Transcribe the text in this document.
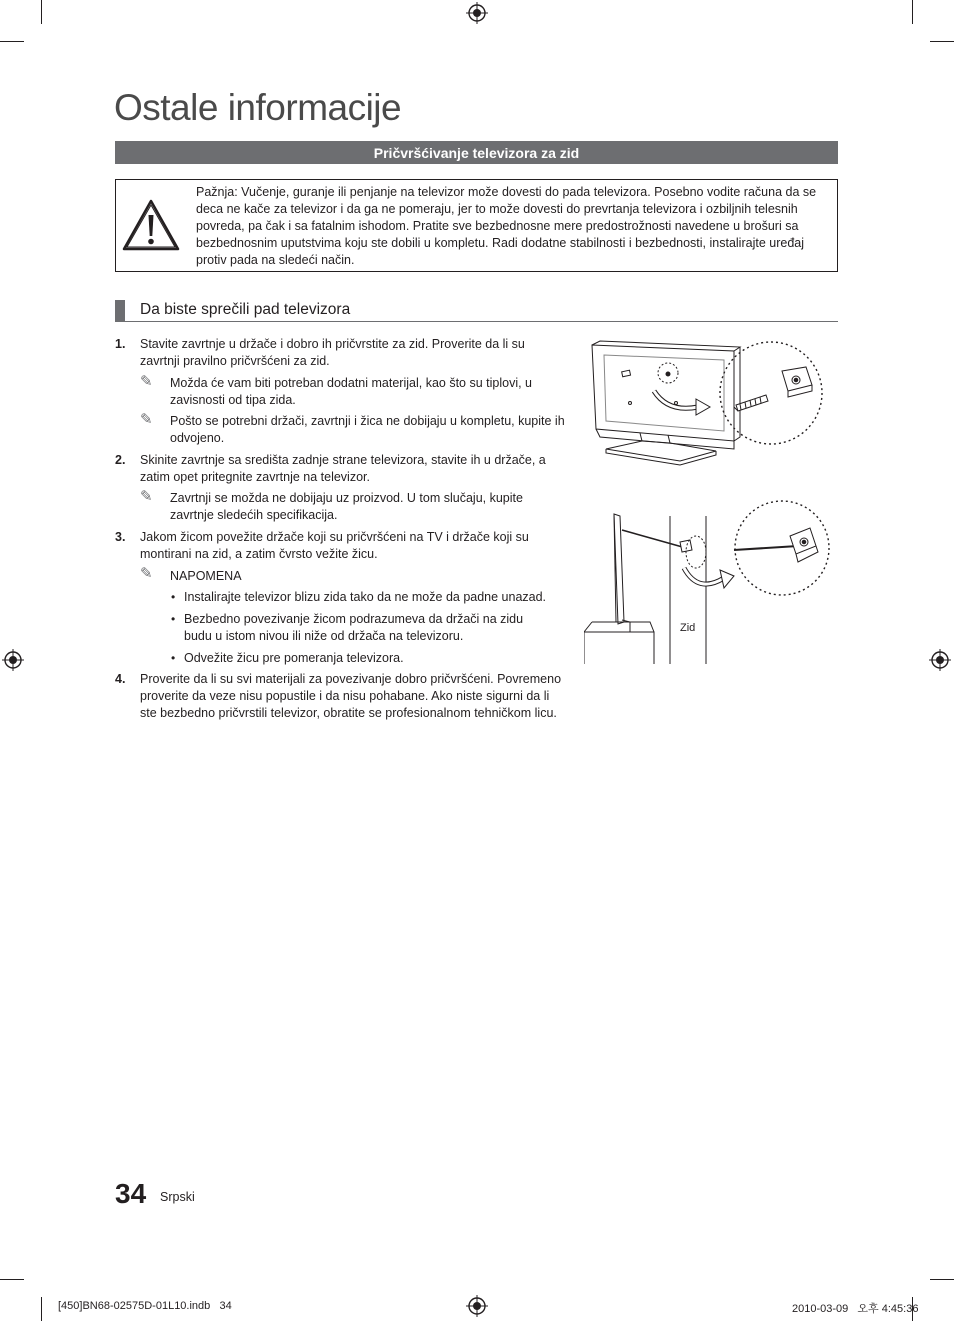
Ostale informacije
Pričvršćivanje televizora za zid

Pažnja: Vučenje, guranje ili penjanje na televizor može dovesti do pada televizora. Posebno vodite računa da se deca ne kače za televizor i da ga ne pomeraju, jer to može dovesti do prevrtanja televizora i ozbiljnih telesnih povreda, pa čak i sa fatalnim ishodom. Pratite sve bezbednosne mere predostrožnosti navedene u brošuri sa bezbednosnim uputstvima koju ste dobili u kompletu. Radi dodatne stabilnosti i bezbednosti, instalirajte uređaj protiv pada na sledeći način.

Da biste sprečili pad televizora
1. Stavite zavrtnje u držače i dobro ih pričvrstite za zid. Proverite da li su zavrtnji pravilno pričvršćeni za zid.

✎ Možda će vam biti potreban dodatni materijal, kao što su tiplovi, u zavisnosti od tipa zida.

✎ Pošto se potrebni držači, zavrtnji i žica ne dobijaju u kompletu, kupite ih odvojeno.

2. Skinite zavrtnje sa središta zadnje strane televizora, stavite ih u držače, a zatim opet pritegnite zavrtnje na televizor.

✎ Zavrtnji se možda ne dobijaju uz proizvod. U tom slučaju, kupite zavrtnje sledećih specifikacija.

3. Jakom žicom povežite držače koji su pričvršćeni na TV i držače koji su montirani na zid, a zatim čvrsto vežite žicu.

✎ NAPOMENA
• Instalirajte televizor blizu zida tako da ne može da padne unazad.

• Bezbedno povezivanje žicom podrazumeva da držači na zidu budu u istom nivou ili niže od držača na televizoru.

• Odvežite žicu pre pomeranja televizora.

4. Proverite da li su svi materijali za povezivanje dobro pričvršćeni. Povremeno proverite da veze nisu popustile i da nisu pohabane. Ako niste sigurni da li ste bezbedno pričvrstili televizor, obratite se profesionalnom tehničkom licu.

Zid
34 Srpski
[450]BN68-02575D-01L10.indb   34	2010-03-09   오후 4:45:36
